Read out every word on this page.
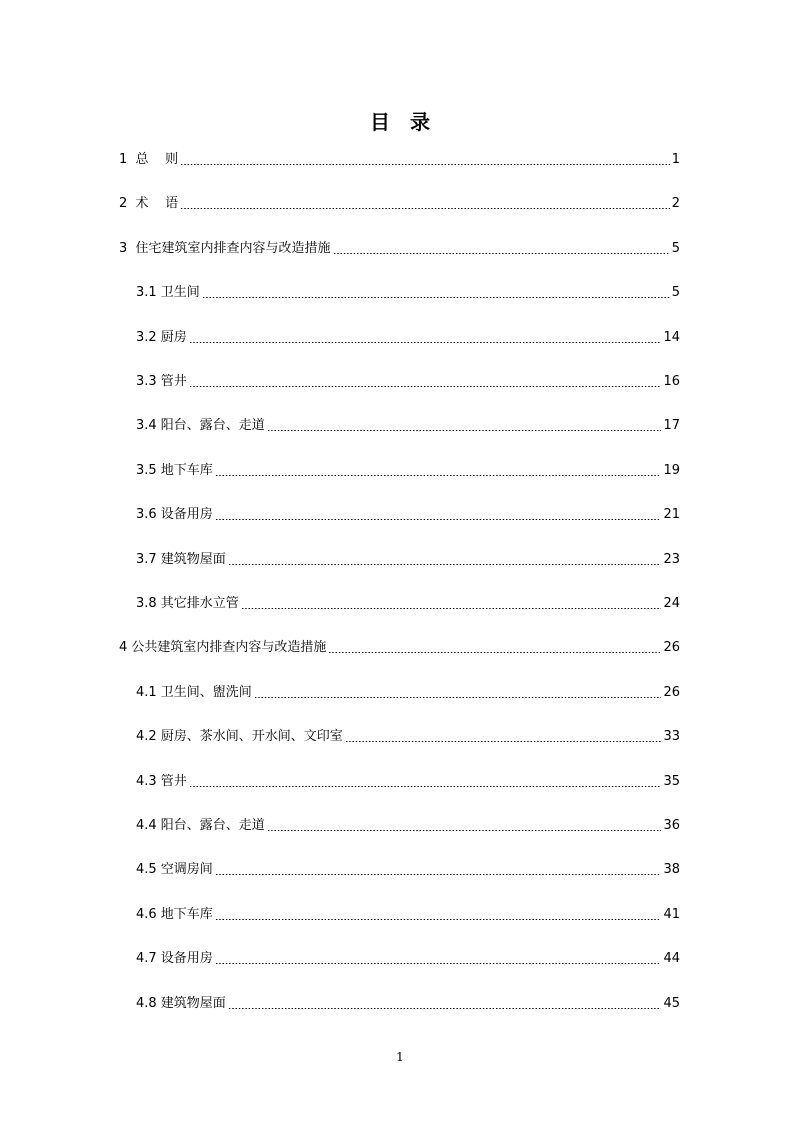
目 录
1  总    则	1
2  术    语	2
3  住宅建筑室内排查内容与改造措施	5
3.1 卫生间	5
3.2 厨房	14
3.3 管井	16
3.4 阳台、露台、走道	17
3.5 地下车库	19
3.6 设备用房	21
3.7 建筑物屋面	23
3.8 其它排水立管	24
4 公共建筑室内排查内容与改造措施	26
4.1 卫生间、盥洗间	26
4.2 厨房、茶水间、开水间、文印室	33
4.3 管井	35
4.4 阳台、露台、走道	36
4.5 空调房间	38
4.6 地下车库	41
4.7 设备用房	44
4.8 建筑物屋面	45
1
